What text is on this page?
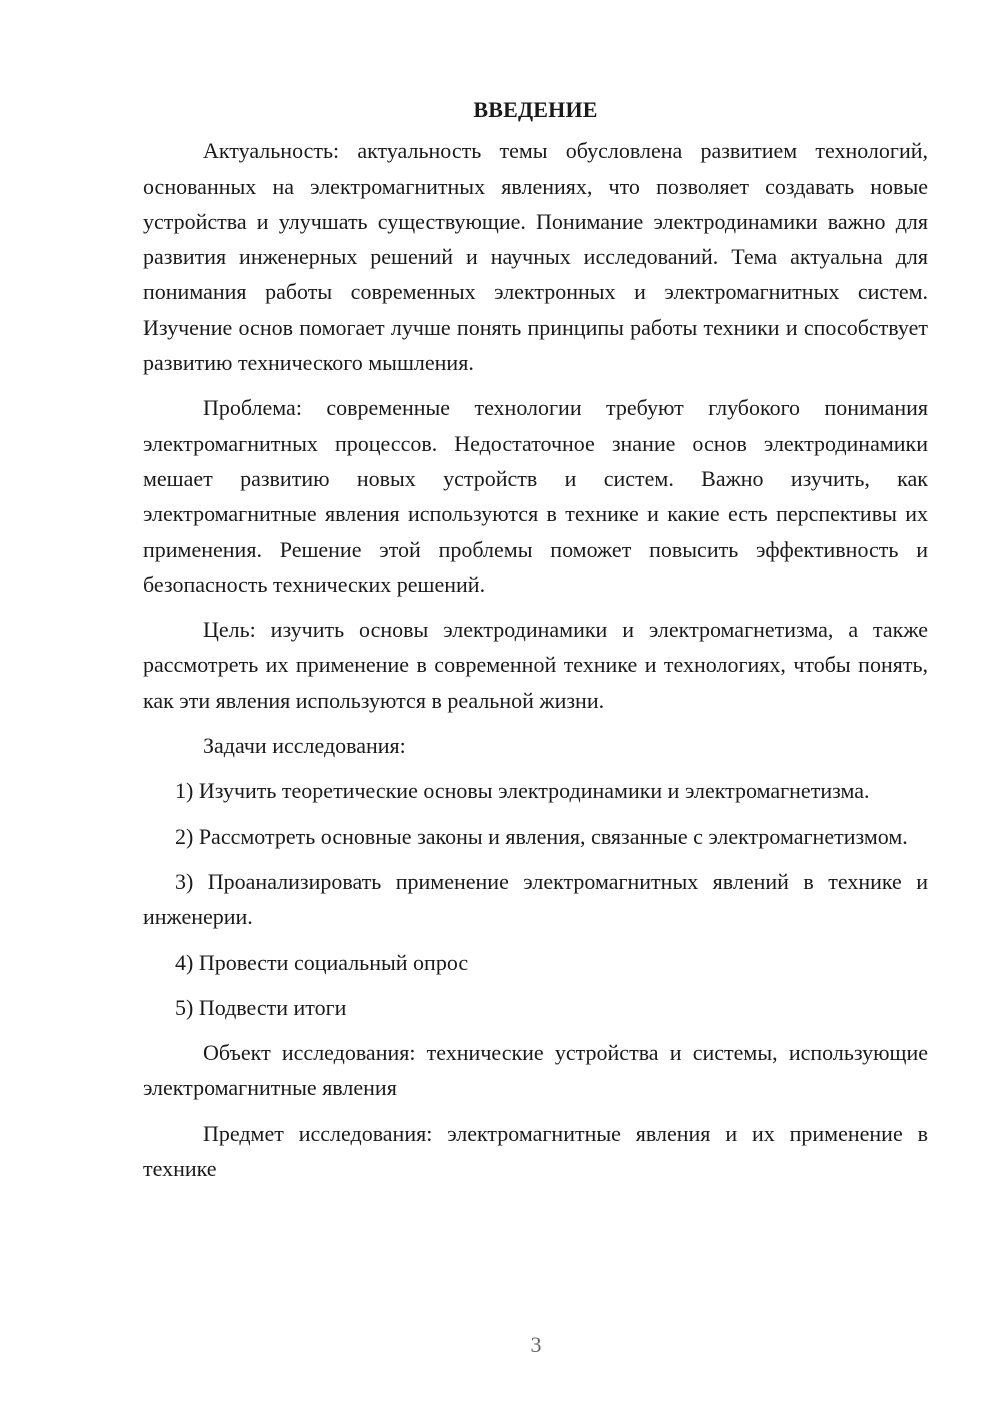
ВВЕДЕНИЕ

Актуальность: актуальность темы обусловлена развитием технологий, основанных на электромагнитных явлениях, что позволяет создавать новые устройства и улучшать существующие. Понимание электродинамики важно для развития инженерных решений и научных исследований. Тема актуальна для понимания работы современных электронных и электромагнитных систем. Изучение основ помогает лучше понять принципы работы техники и способствует развитию технического мышления.

Проблема: современные технологии требуют глубокого понимания электромагнитных процессов. Недостаточное знание основ электродинамики мешает развитию новых устройств и систем. Важно изучить, как электромагнитные явления используются в технике и какие есть перспективы их применения. Решение этой проблемы поможет повысить эффективность и безопасность технических решений.

Цель: изучить основы электродинамики и электромагнетизма, а также рассмотреть их применение в современной технике и технологиях, чтобы понять, как эти явления используются в реальной жизни.

Задачи исследования:

1) Изучить теоретические основы электродинамики и электромагнетизма.

2) Рассмотреть основные законы и явления, связанные с электромагнетизмом.

3) Проанализировать применение электромагнитных явлений в технике и инженерии.

4) Провести социальный опрос

5) Подвести итоги

Объект исследования: технические устройства и системы, использующие электромагнитные явления

Предмет исследования: электромагнитные явления и их применение в технике

3
